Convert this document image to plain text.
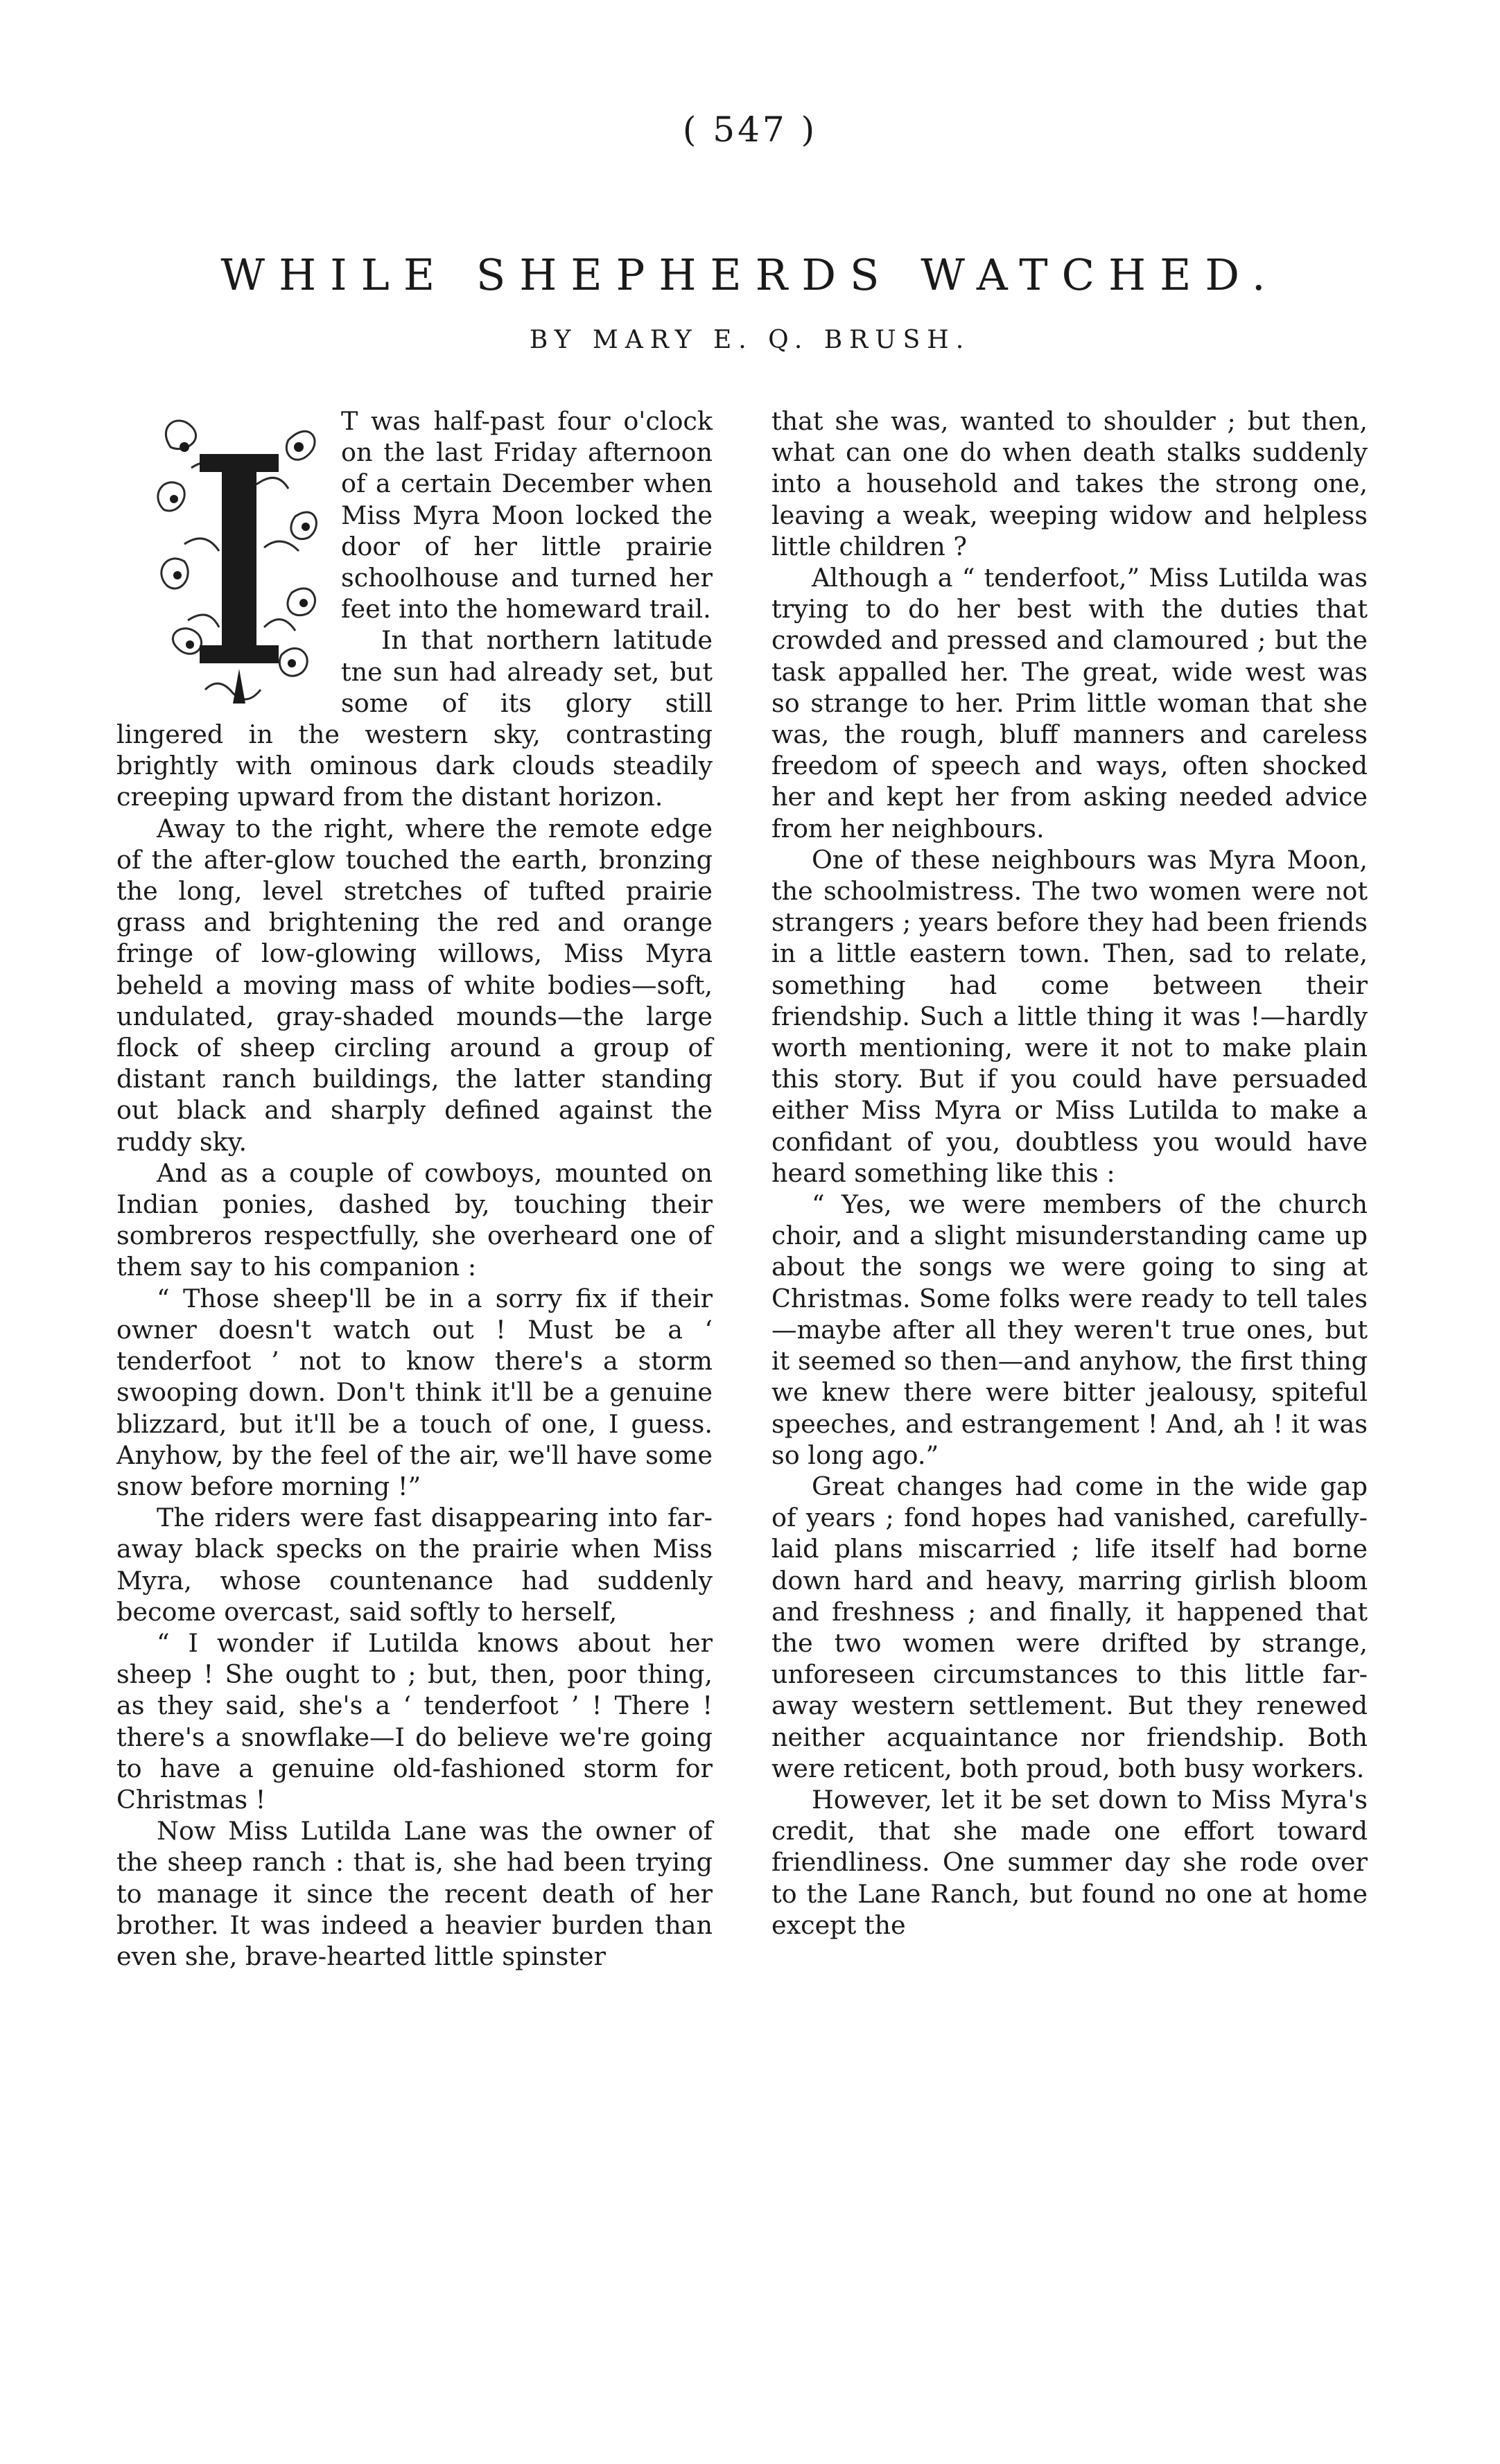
( 547 )
WHILE SHEPHERDS WATCHED.
BY MARY E. Q. BRUSH.

T was half-past four o'clock on the last Friday afternoon of a certain December when Miss Myra Moon locked the door of her little prairie schoolhouse and turned her feet into the homeward trail.

In that northern latitude tne sun had already set, but some of its glory still lingered in the western sky, contrasting brightly with ominous dark clouds steadily creeping upward from the distant horizon.

Away to the right, where the remote edge of the after-glow touched the earth, bronzing the long, level stretches of tufted prairie grass and brightening the red and orange fringe of low-glowing willows, Miss Myra beheld a moving mass of white bodies—soft, undulated, gray-shaded mounds—the large flock of sheep circling around a group of distant ranch buildings, the latter standing out black and sharply defined against the ruddy sky.

And as a couple of cowboys, mounted on Indian ponies, dashed by, touching their sombreros respectfully, she overheard one of them say to his companion :

“ Those sheep'll be in a sorry fix if their owner doesn't watch out ! Must be a ‘ tenderfoot ’ not to know there's a storm swooping down. Don't think it'll be a genuine blizzard, but it'll be a touch of one, I guess. Anyhow, by the feel of the air, we'll have some snow before morning !”

The riders were fast disappearing into far-away black specks on the prairie when Miss Myra, whose countenance had suddenly become overcast, said softly to herself,

“ I wonder if Lutilda knows about her sheep ! She ought to ; but, then, poor thing, as they said, she's a ‘ tenderfoot ’ ! There ! there's a snowflake—I do believe we're going to have a genuine old-fashioned storm for Christmas !

Now Miss Lutilda Lane was the owner of the sheep ranch : that is, she had been trying to manage it since the recent death of her brother. It was indeed a heavier burden than even she, brave-hearted little spinster

that she was, wanted to shoulder ; but then, what can one do when death stalks suddenly into a household and takes the strong one, leaving a weak, weeping widow and helpless little children ?

Although a “ tenderfoot,” Miss Lutilda was trying to do her best with the duties that crowded and pressed and clamoured ; but the task appalled her. The great, wide west was so strange to her. Prim little woman that she was, the rough, bluff manners and careless freedom of speech and ways, often shocked her and kept her from asking needed advice from her neighbours.

One of these neighbours was Myra Moon, the schoolmistress. The two women were not strangers ; years before they had been friends in a little eastern town. Then, sad to relate, something had come between their friendship. Such a little thing it was !—hardly worth mentioning, were it not to make plain this story. But if you could have persuaded either Miss Myra or Miss Lutilda to make a confidant of you, doubtless you would have heard something like this :

“ Yes, we were members of the church choir, and a slight misunderstanding came up about the songs we were going to sing at Christmas. Some folks were ready to tell tales—maybe after all they weren't true ones, but it seemed so then—and anyhow, the first thing we knew there were bitter jealousy, spiteful speeches, and estrangement ! And, ah ! it was so long ago.”

Great changes had come in the wide gap of years ; fond hopes had vanished, carefully-laid plans miscarried ; life itself had borne down hard and heavy, marring girlish bloom and freshness ; and finally, it happened that the two women were drifted by strange, unforeseen circumstances to this little far-away western settlement. But they renewed neither acquaintance nor friendship. Both were reticent, both proud, both busy workers.

However, let it be set down to Miss Myra's credit, that she made one effort toward friendliness. One summer day she rode over to the Lane Ranch, but found no one at home except the
